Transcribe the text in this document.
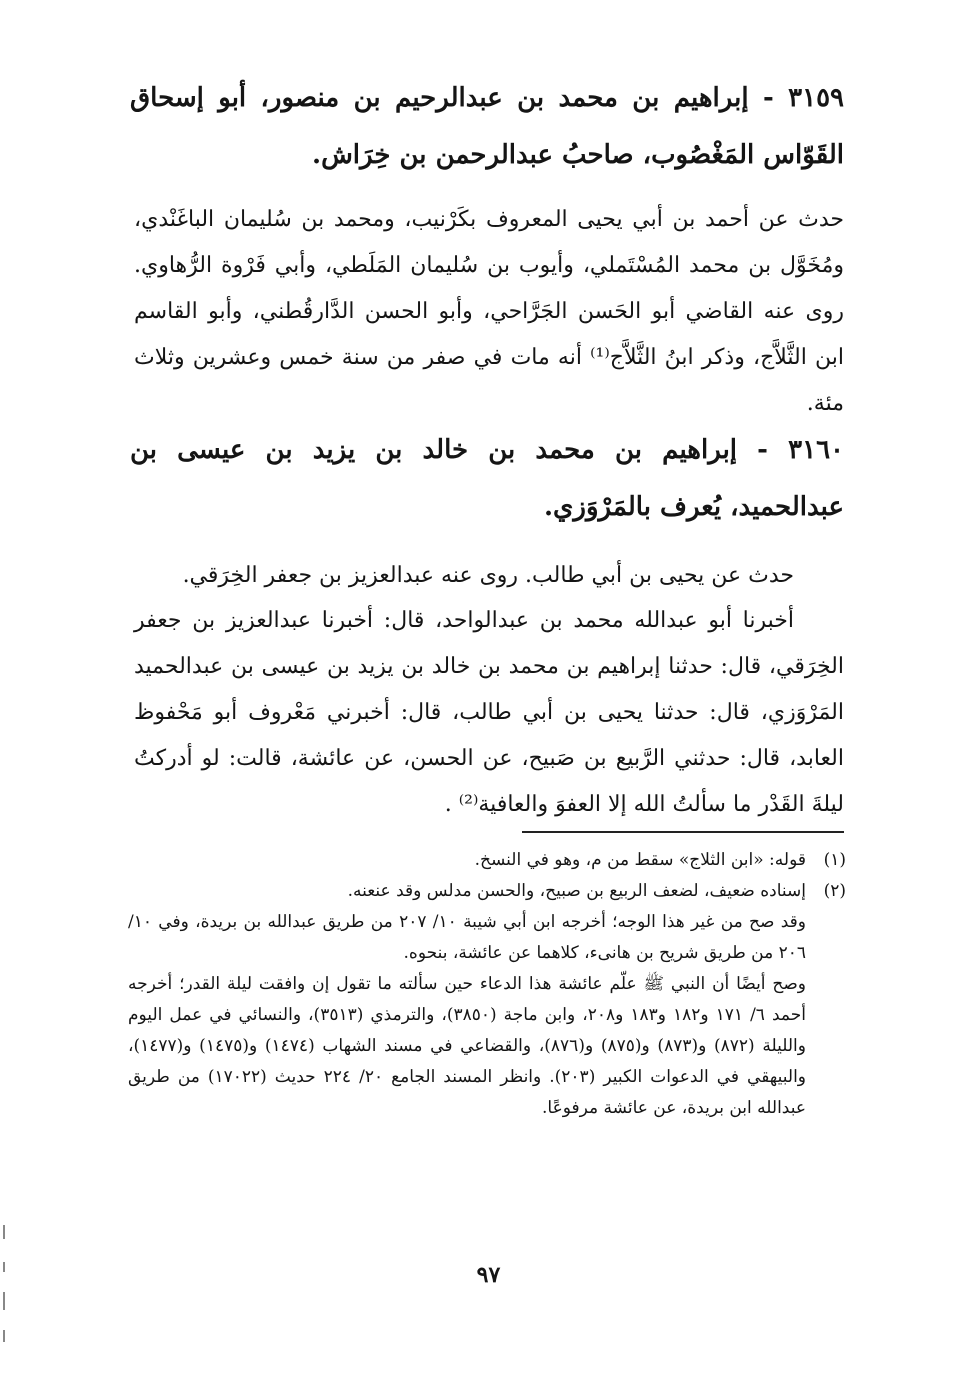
٣١٥٩ - إبراهيم بن محمد بن عبدالرحيم بن منصور، أبو إسحاق القَوّاس المَغْصُوب، صاحبُ عبدالرحمن بن خِرَاش.

حدث عن أحمد بن أبي يحيى المعروف بكَرْنيب، ومحمد بن سُليمان الباغَنْدي، ومُخَوَّل بن محمد المُسْتَملي، وأيوب بن سُليمان المَلَطي، وأبي فَرْوة الرُّهاوي. روى عنه القاضي أبو الحَسن الجَرَّاحي، وأبو الحسن الدَّارقُطني، وأبو القاسم ابن الثَّلاَّج، وذكر ابنُ الثَّلاَّج⁽¹⁾ أنه مات في صفر من سنة خمس وعشرين وثلاث مئة.

٣١٦٠ - إبراهيم بن محمد بن خالد بن يزيد بن عيسى بن عبدالحميد، يُعرف بالمَرْوَزي.

حدث عن يحيى بن أبي طالب. روى عنه عبدالعزيز بن جعفر الخِرَقي.

أخبرنا أبو عبدالله محمد بن عبدالواحد، قال: أخبرنا عبدالعزيز بن جعفر الخِرَقي، قال: حدثنا إبراهيم بن محمد بن خالد بن يزيد بن عيسى بن عبدالحميد المَرْوَزي، قال: حدثنا يحيى بن أبي طالب، قال: أخبرني مَعْروف أبو مَحْفوظ العابد، قال: حدثني الرَّبيع بن صَبيح، عن الحسن، عن عائشة، قالت: لو أدركتُ ليلةَ القَدْر ما سألتُ الله إلا العفوَ والعافية⁽²⁾ .

(١)قوله: «ابن الثلاج» سقط من م، وهو في النسخ.

(٢)إسناده ضعيف، لضعف الربيع بن صبيح، والحسن مدلس وقد عنعنه.

وقد صح من غير هذا الوجه؛ أخرجه ابن أبي شيبة ١٠/ ٢٠٧ من طريق عبدالله بن بريدة، وفي ١٠/ ٢٠٦ من طريق شريح بن هانىء، كلاهما عن عائشة، بنحوه.

وصح أيضًا أن النبي ﷺ علّم عائشة هذا الدعاء حين سألته ما تقول إن وافقت ليلة القدر؛ أخرجه أحمد ٦/ ١٧١ و١٨٢ و١٨٣ و٢٠٨، وابن ماجة (٣٨٥٠)، والترمذي (٣٥١٣)، والنسائي في عمل اليوم والليلة (٨٧٢) و(٨٧٣) و(٨٧٥) و(٨٧٦)، والقضاعي في مسند الشهاب (١٤٧٤) و(١٤٧٥) و(١٤٧٧)، والبيهقي في الدعوات الكبير (٢٠٣). وانظر المسند الجامع ٢٠/ ٢٢٤ حديث (١٧٠٢٢) من طريق عبدالله ابن بريدة، عن عائشة مرفوعًا.

٩٧
